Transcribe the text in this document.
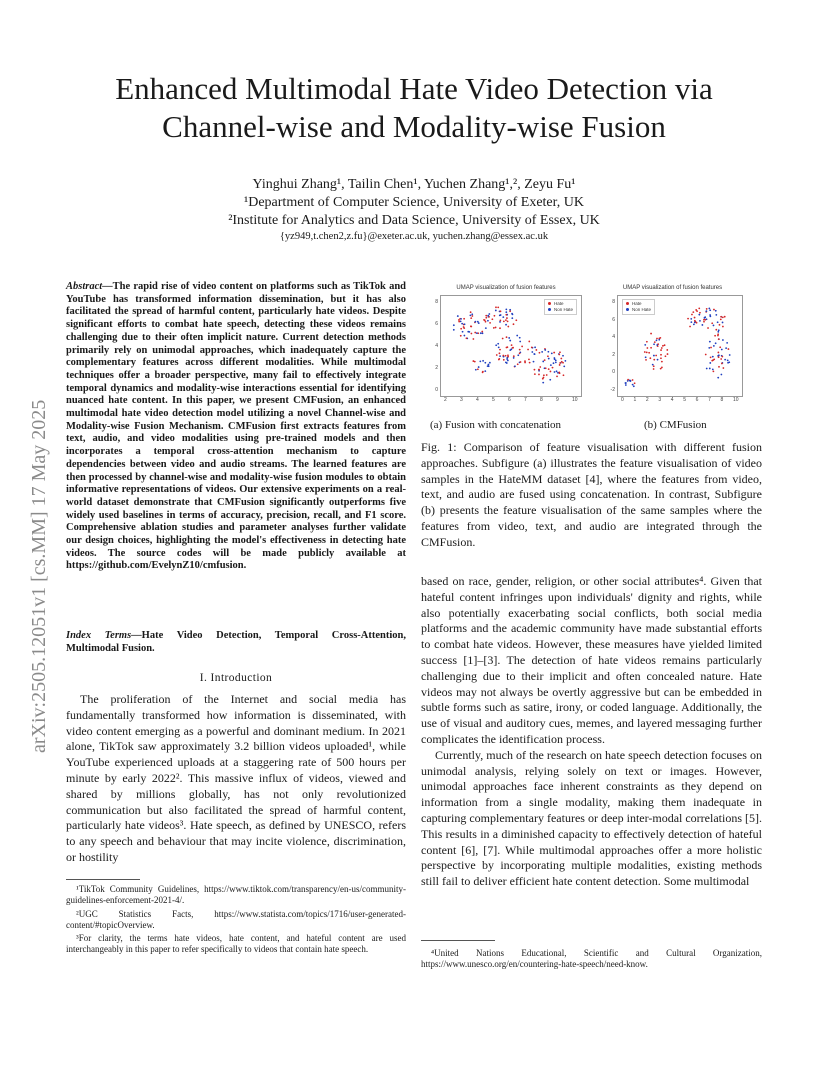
arXiv:2505.12051v1 [cs.MM] 17 May 2025
Enhanced Multimodal Hate Video Detection via
Channel-wise and Modality-wise Fusion
Yinghui Zhang¹, Tailin Chen¹, Yuchen Zhang¹,², Zeyu Fu¹
¹Department of Computer Science, University of Exeter, UK
²Institute for Analytics and Data Science, University of Essex, UK
{yz949,t.chen2,z.fu}@exeter.ac.uk, yuchen.zhang@essex.ac.uk
Abstract—The rapid rise of video content on platforms such as TikTok and YouTube has transformed information dissemination, but it has also facilitated the spread of harmful content, particularly hate videos. Despite significant efforts to combat hate speech, detecting these videos remains challenging due to their often implicit nature. Current detection methods primarily rely on unimodal approaches, which inadequately capture the complementary features across different modalities. While multimodal techniques offer a broader perspective, many fail to effectively integrate temporal dynamics and modality-wise interactions essential for identifying nuanced hate content. In this paper, we present CMFusion, an enhanced multimodal hate video detection model utilizing a novel Channel-wise and Modality-wise Fusion Mechanism. CMFusion first extracts features from text, audio, and video modalities using pre-trained models and then incorporates a temporal cross-attention mechanism to capture dependencies between video and audio streams. The learned features are then processed by channel-wise and modality-wise fusion modules to obtain informative representations of videos. Our extensive experiments on a real-world dataset demonstrate that CMFusion significantly outperforms five widely used baselines in terms of accuracy, precision, recall, and F1 score. Comprehensive ablation studies and parameter analyses further validate our design choices, highlighting the model's effectiveness in detecting hate videos. The source codes will be made publicly available at https://github.com/EvelynZ10/cmfusion.
Index Terms—Hate Video Detection, Temporal Cross-Attention, Multimodal Fusion.
I. Introduction

The proliferation of the Internet and social media has fundamentally transformed how information is disseminated, with video content emerging as a powerful and dominant medium. In 2021 alone, TikTok saw approximately 3.2 billion videos uploaded¹, while YouTube experienced uploads at a staggering rate of 500 hours per minute by early 2022². This massive influx of videos, viewed and shared by millions globally, has not only revolutionized communication but also facilitated the spread of harmful content, particularly hate videos³. Hate speech, as defined by UNESCO, refers to any speech and behaviour that may incite violence, discrimination, or hostility

¹TikTok Community Guidelines, https://www.tiktok.com/transparency/en-us/community-guidelines-enforcement-2021-4/.

²UGC Statistics Facts, https://www.statista.com/topics/1716/user-generated-content/#topicOverview.

³For clarity, the terms hate videos, hate content, and hateful content are used interchangeably in this paper to refer specifically to videos that contain hate speech.

UMAP visualization of fusion features
Hate
Non Hate
8
6
4
2
0
2	3	4	5	6	7	8	9	10
UMAP visualization of fusion features
Hate
Non Hate
8
6
4
2
0
-2
0 1 2 3 4 5 6 7 8 10
(a) Fusion with concatenation	(b) CMFusion
Fig. 1: Comparison of feature visualisation with different fusion approaches. Subfigure (a) illustrates the feature visualisation of video samples in the HateMM dataset [4], where the features from video, text, and audio are fused using concatenation. In contrast, Subfigure (b) presents the feature visualisation of the same samples where the features from video, text, and audio are integrated through the CMFusion.

based on race, gender, religion, or other social attributes⁴. Given that hateful content infringes upon individuals' dignity and rights, while also potentially exacerbating social conflicts, both social media platforms and the academic community have made substantial efforts to combat hate videos. However, these measures have yielded limited success [1]–[3]. The detection of hate videos remains particularly challenging due to their implicit and often concealed nature. Hate videos may not always be overtly aggressive but can be embedded in subtle forms such as satire, irony, or coded language. Additionally, the use of visual and auditory cues, memes, and layered messaging further complicates the identification process.

Currently, much of the research on hate speech detection focuses on unimodal analysis, relying solely on text or images. However, unimodal approaches face inherent constraints as they depend on information from a single modality, making them inadequate in capturing complementary features or deep inter-modal correlations [5]. This results in a diminished capacity to effectively detection of hateful content [6], [7]. While multimodal approaches offer a more holistic perspective by incorporating multiple modalities, existing methods still fail to deliver efficient hate content detection. Some multimodal

⁴United Nations Educational, Scientific and Cultural Organization, https://www.unesco.org/en/countering-hate-speech/need-know.
